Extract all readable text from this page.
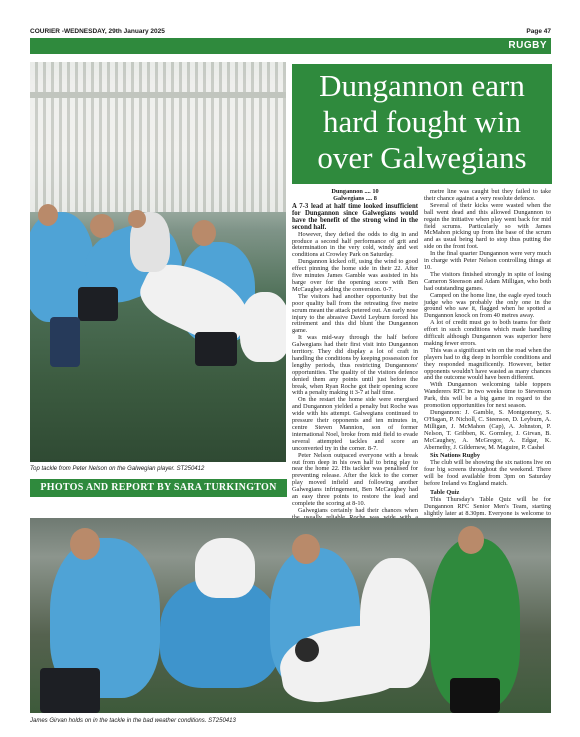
COURIER -WEDNESDAY, 29th January 2025	Page 47
RUGBY
Top tackle from Peter Nelson on the Galwegian player. ST250412
PHOTOS AND REPORT BY SARA TURKINGTON
Dungannon earn hard fought win over Galwegians

Dungannon .... 10

Galwegians .... 8

A 7-3 lead at half time looked insufficient for Dungannon since Galwegians would have the benefit of the strong wind in the second half.

However, they defied the odds to dig in and produce a second half performance of grit and determination in the very cold, windy and wet conditions at Crowley Park on Saturday.

Dungannon kicked off, using the wind to good effect pinning the home side in their 22. After five minutes James Gamble was assisted in his barge over for the opening score with Ben McCaughey adding the conversion. 0-7.

The visitors had another opportunity but the poor quality ball from the retreating five metre scrum meant the attack petered out. An early nose injury to the abrasive David Leyburn forced his retirement and this did blunt the Dungannon game.

It was mid-way through the half before Galwegians had their first visit into Dungannon territory. They did display a lot of craft in handling the conditions by keeping possession for lengthy periods, thus restricting Dungannons' opportunities. The quality of the visitors defence denied them any points until just before the break, when Ryan Roche got their opening score with a penalty making it 3-7 at half time.

On the restart the home side were energised and Dungannon yielded a penalty but Roche was wide with his attempt. Galwegians continued to pressure their opponents and ten minutes in, centre Steven Mannion, son of former international Noel, broke from mid field to evade several attempted tackles and score an unconverted try in the corner. 8-7.

Peter Nelson outpaced everyone with a break out from deep in his own half to bring play to near the home 22. His tackler was penalised for preventing release. After the kick to the corner play moved infield and following another Galwegians infringement, Ben McCaughey had an easy three points to restore the lead and complete the scoring at 8-10.

Galwegians certainly had their chances when

metre line was caught but they failed to take their chance against a very resolute defence.

Several of their kicks were wasted when the ball went dead and this allowed Dungannon to regain the initiative when play went back for mid field scrums. Particularly so with James McMahon picking up from the base of the scrum and as usual being hard to stop thus putting the side on the front foot.

In the final quarter Dungannon were very much in charge with Peter Nelson controlling things at 10.

The visitors finished strongly in spite of losing Cameron Steenson and Adam Milligan, who both had outstanding games.

Camped on the home line, the eagle eyed touch judge who was probably the only one in the ground who saw it, flagged when he spotted a Dungannon knock on from 40 metres away.

A lot of credit must go to both teams for their effort in such conditions which made handling difficult although Dungannon was superior here making fewer errors.

This was a significant win on the road when the players had to dig deep in horrible conditions and they responded magnificently. However, better opponents wouldn't have wasted as many chances and the outcome would have been different.

With Dungannon welcoming table toppers Wanderers RFC in two weeks time to Stevenson Park, this will be a big game in regard to the promotion opportunities for next season.

Dungannon: J. Gamble, S. Montgomery, S. O'Hagan, P. Nicholl, C. Steenson, D. Leyburn, A. Milligan, J. McMahon (Cap), A. Johnston, P. Nelson, T. Gribben, K. Gormley, J. Girvan, B. McCaughey, A. McGregor, A. Edgar, K. Abernethy, J. Gildernew, M. Maguire, P. Cashel

Six Nations Rugby

The club will be showing the six nations live on four big screens throughout the weekend. There will be food available from 3pm on Saturday before Ireland vs England match.

Table Quiz

This Thursday's Table Quiz will be for Dungannon RFC Senior Men's Team, starting slightly later at 8.30pm. Everyone is welcome to

James Girvan holds on in the tackle in the bad weather conditions. ST250413
